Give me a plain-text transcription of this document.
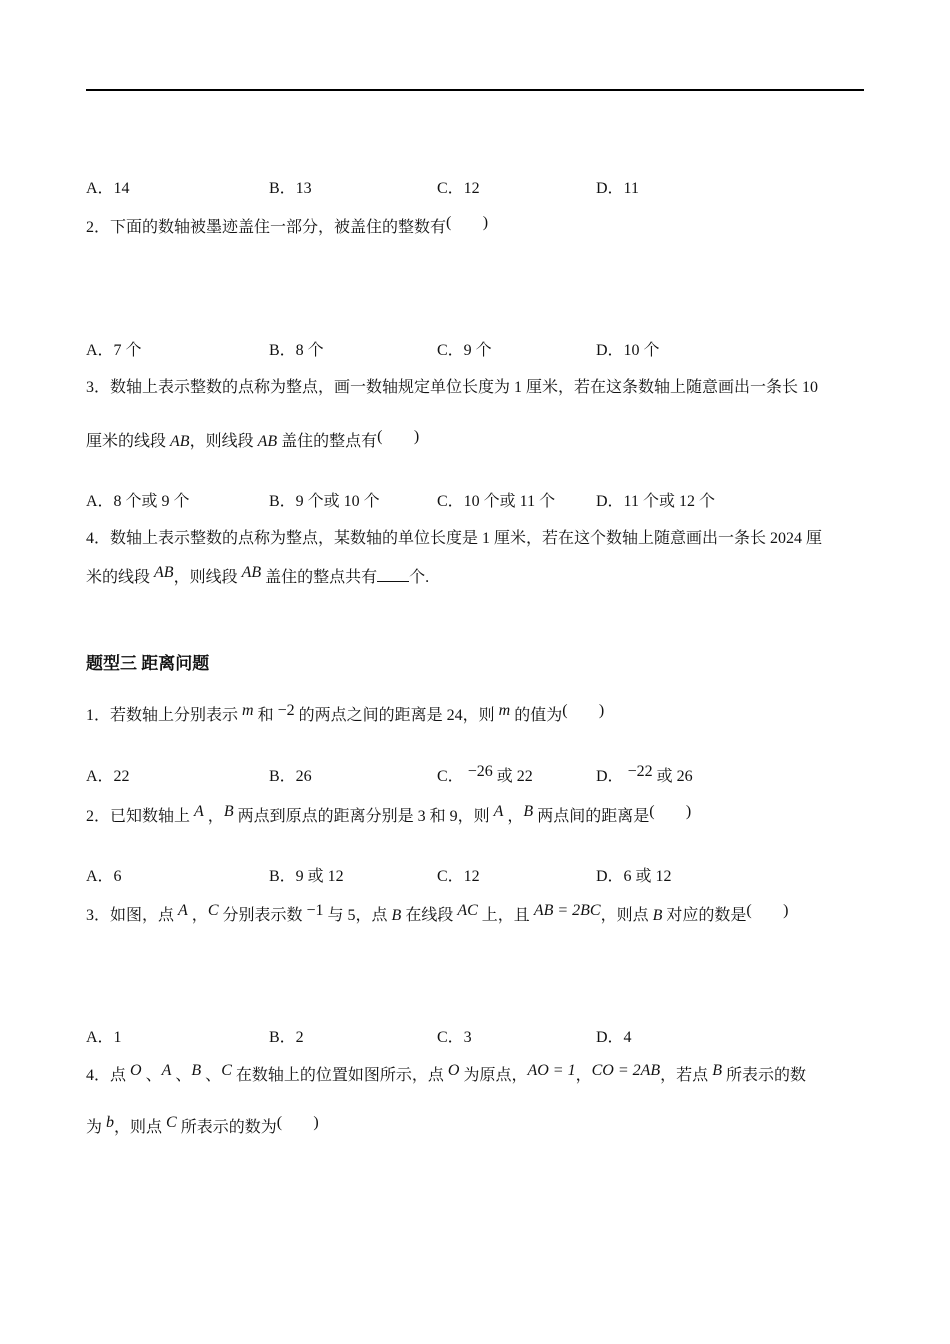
A．14	B．13	C．12	D．11
2．下面的数轴被墨迹盖住一部分，被盖住的整数有( )
A．7 个	B．8 个	C．9 个	D．10 个
3．数轴上表示整数的点称为整点，画一数轴规定单位长度为 1 厘米，若在这条数轴上随意画出一条长 10
厘米的线段 AB，则线段 AB 盖住的整点有( )
A．8 个或 9 个	B．9 个或 10 个	C．10 个或 11 个	D．11 个或 12 个
4．数轴上表示整数的点称为整点，某数轴的单位长度是 1 厘米，若在这个数轴上随意画出一条长 2024 厘
米的线段 AB，则线段 AB 盖住的整点共有 个.
题型三 距离问题
1．若数轴上分别表示 m 和 −2 的两点之间的距离是 24，则 m 的值为( )
A．22	B．26	C． −26 或 22	D． −22 或 26
2．已知数轴上 A ，B 两点到原点的距离分别是 3 和 9，则 A ，B 两点间的距离是( )
A．6	B．9 或 12	C．12	D．6 或 12
3．如图，点 A ，C 分别表示数 −1 与 5，点 B 在线段 AC 上，且 AB = 2BC，则点 B 对应的数是( )
A．1	B．2	C．3	D．4
4．点 O 、A 、B 、C 在数轴上的位置如图所示，点 O 为原点，AO = 1，CO = 2AB，若点 B 所表示的数
为 b，则点 C 所表示的数为( )
